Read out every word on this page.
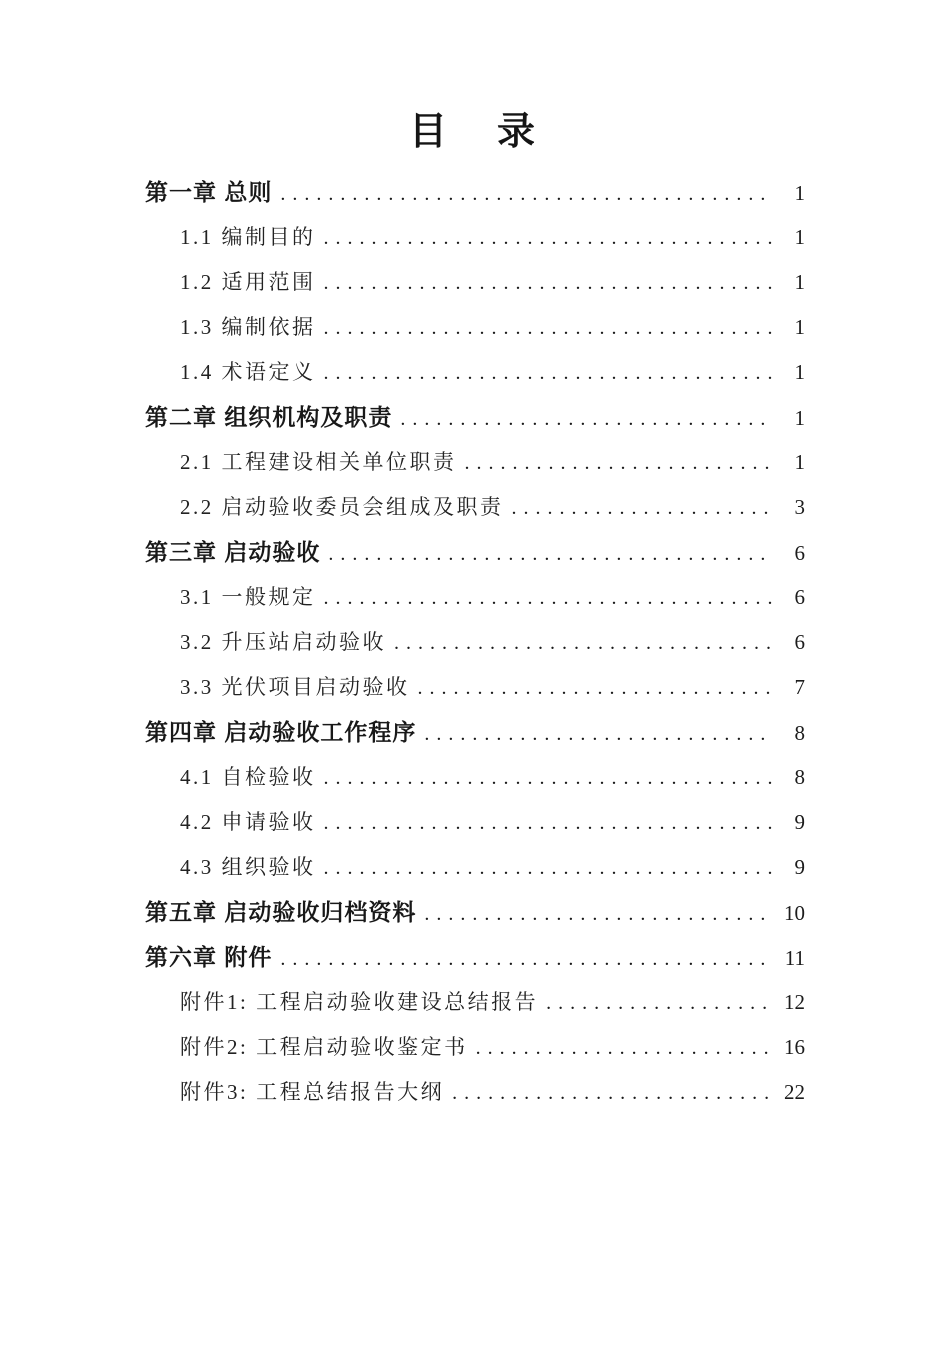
目　录
第一章 总则 .....	1
1.1 编制目的 .....	1
1.2 适用范围 .....	1
1.3 编制依据 .....	1
1.4 术语定义 .....	1
第二章 组织机构及职责 .....	1
2.1 工程建设相关单位职责 .....	1
2.2 启动验收委员会组成及职责 .....	3
第三章 启动验收 .....	6
3.1 一般规定 .....	6
3.2 升压站启动验收 .....	6
3.3 光伏项目启动验收 .....	7
第四章 启动验收工作程序 .....	8
4.1 自检验收 .....	8
4.2 申请验收 .....	9
4.3 组织验收 .....	9
第五章 启动验收归档资料 .....	10
第六章 附件 .....	11
附件1: 工程启动验收建设总结报告 .....	12
附件2: 工程启动验收鉴定书 .....	16
附件3: 工程总结报告大纲 .....	22
